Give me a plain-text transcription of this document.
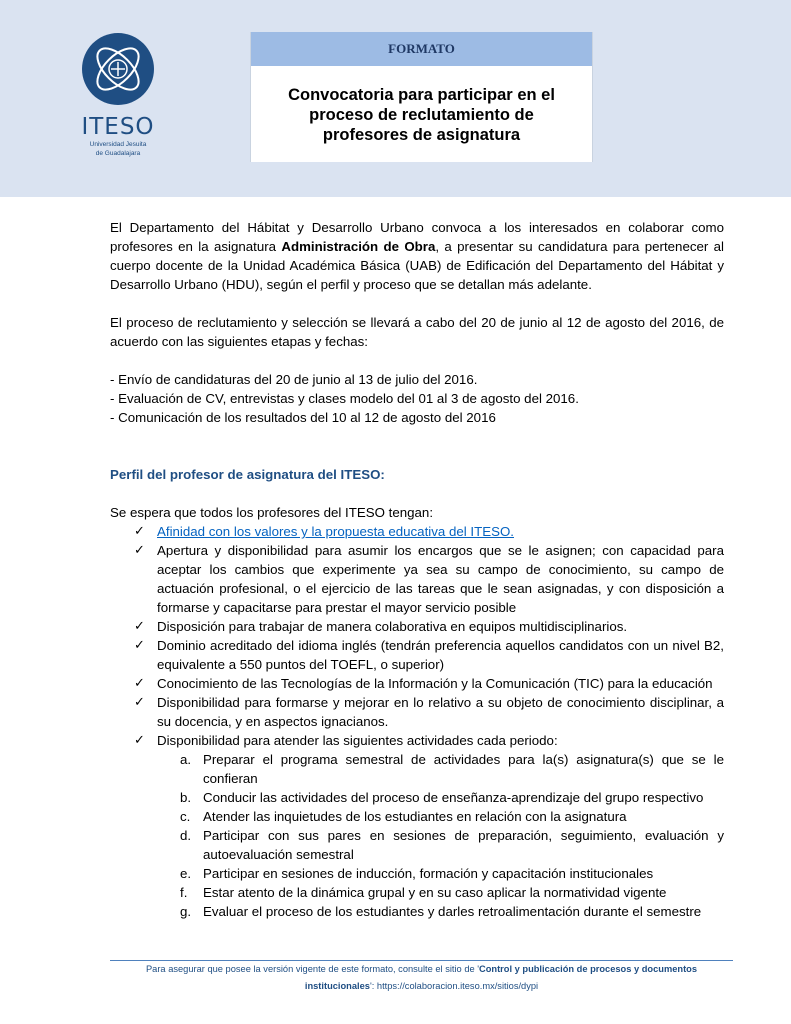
ITESO
Universidad Jesuita
de Guadalajara
FORMATO
Convocatoria para participar en el
proceso de reclutamiento de
profesores de asignatura

El Departamento del Hábitat y Desarrollo Urbano convoca a los interesados en colaborar como profesores en la asignatura Administración de Obra, a presentar su candidatura para pertenecer al cuerpo docente de la Unidad Académica Básica (UAB) de Edificación del Departamento del Hábitat y Desarrollo Urbano (HDU), según el perfil y proceso que se detallan más adelante.

El proceso de reclutamiento y selección se llevará a cabo del 20 de junio al 12 de agosto del 2016, de acuerdo con las siguientes etapas y fechas:

- Envío de candidaturas del 20 de junio al 13 de julio del 2016.
- Evaluación de CV, entrevistas y clases modelo del 01 al 3 de agosto del 2016.
- Comunicación de los resultados del 10 al 12 de agosto del 2016

Perfil del profesor de asignatura del ITESO:

Se espera que todos los profesores del ITESO tengan:

✓ Afinidad con los valores y la propuesta educativa del ITESO.
✓ Apertura y disponibilidad para asumir los encargos que se le asignen; con capacidad para aceptar los cambios que experimente ya sea su campo de conocimiento, su campo de actuación profesional, o el ejercicio de las tareas que le sean asignadas, y con disposición a formarse y capacitarse para prestar el mayor servicio posible
✓ Disposición para trabajar de manera colaborativa en equipos multidisciplinarios.
✓ Dominio acreditado del idioma inglés (tendrán preferencia aquellos candidatos con un nivel B2, equivalente a 550 puntos del TOEFL, o superior)
✓ Conocimiento de las Tecnologías de la Información y la Comunicación (TIC) para la educación
✓ Disponibilidad para formarse y mejorar en lo relativo a su objeto de conocimiento disciplinar, a su docencia, y en aspectos ignacianos.
✓ Disponibilidad para atender las siguientes actividades cada periodo:
a. Preparar el programa semestral de actividades para la(s) asignatura(s) que se le confieran
b. Conducir las actividades del proceso de enseñanza-aprendizaje del grupo respectivo
c. Atender las inquietudes de los estudiantes en relación con la asignatura
d. Participar con sus pares en sesiones de preparación, seguimiento, evaluación y autoevaluación semestral
e. Participar en sesiones de inducción, formación y capacitación institucionales
f. Estar atento de la dinámica grupal y en su caso aplicar la normatividad vigente
g. Evaluar el proceso de los estudiantes y darles retroalimentación durante el semestre
Para asegurar que posee la versión vigente de este formato, consulte el sitio de 'Control y publicación de procesos y documentos institucionales': https://colaboracion.iteso.mx/sitios/dypi
